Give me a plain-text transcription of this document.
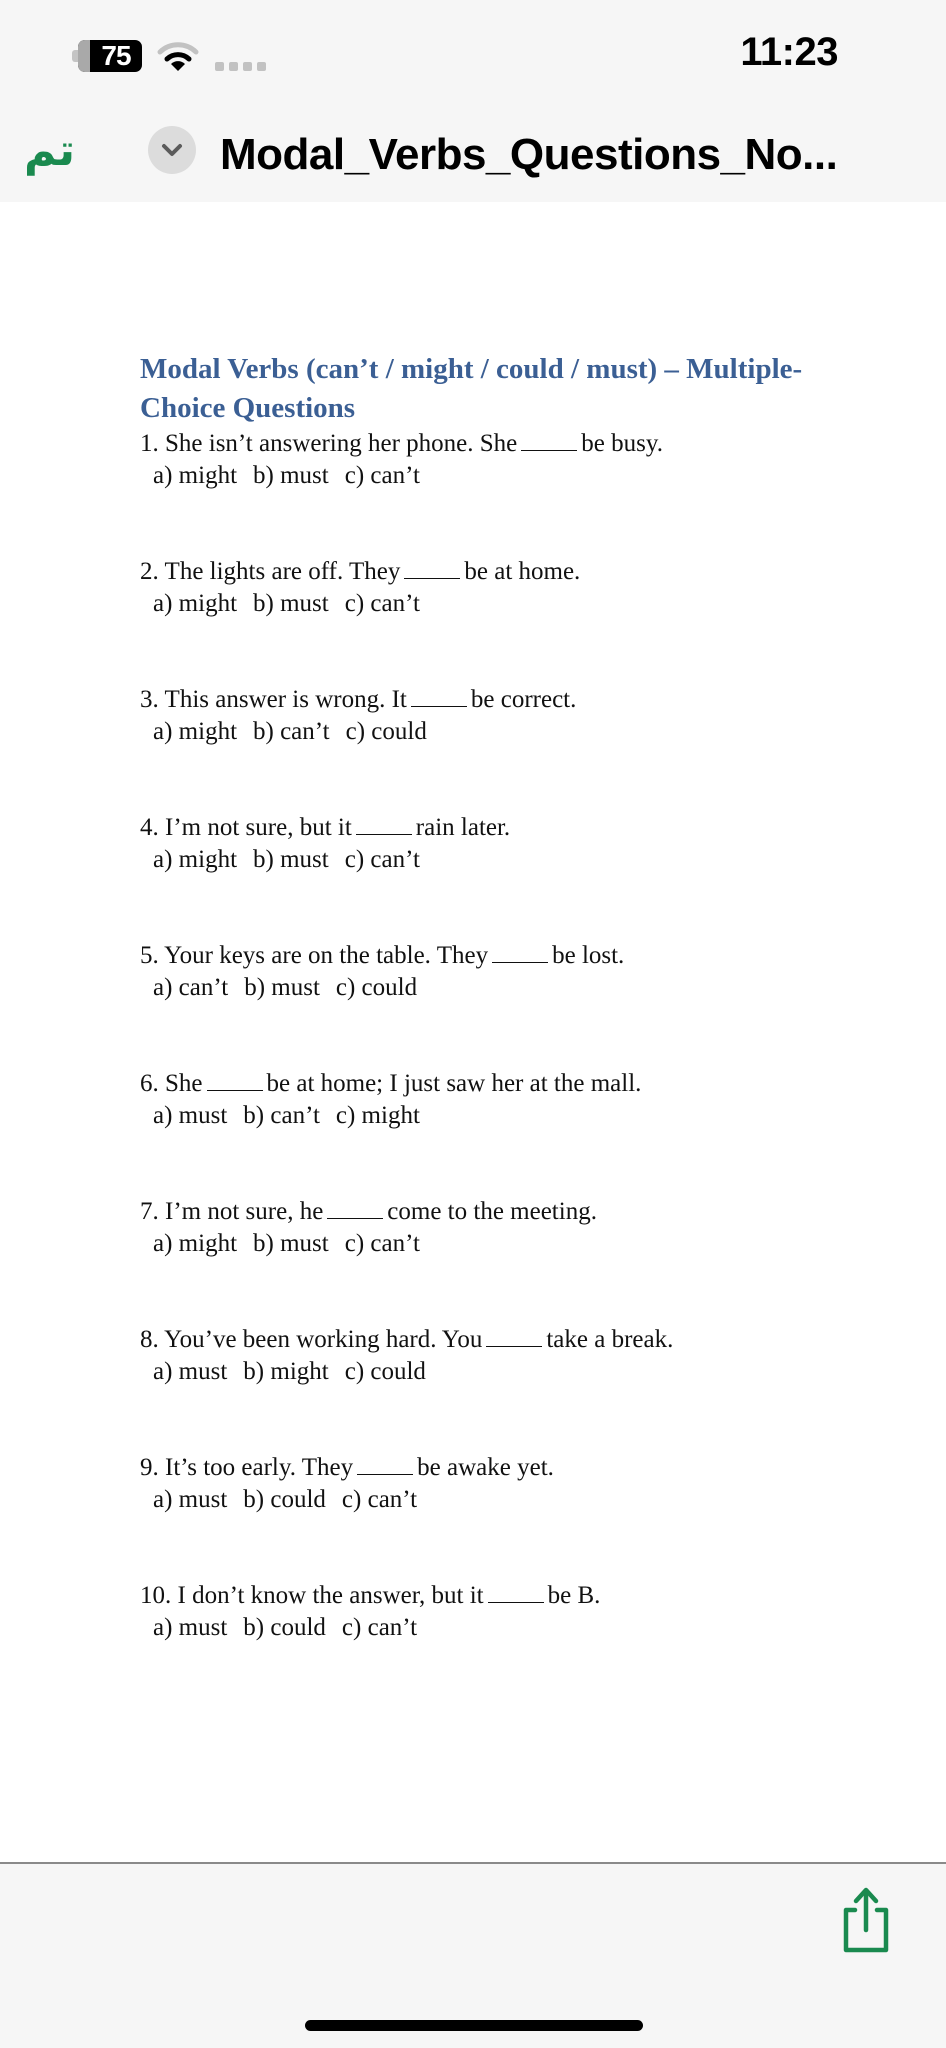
75	11:23
تم	Modal_Verbs_Questions_No...
Modal Verbs (can’t / might / could / must) – Multiple-Choice Questions
1. She isn’t answering her phone. She	be busy.
a) might b) must c) can’t
2. The lights are off. They	be at home.
a) might b) must c) can’t
3. This answer is wrong. It	be correct.
a) might b) can’t c) could
4. I’m not sure, but it	rain later.
a) might b) must c) can’t
5. Your keys are on the table. They	be lost.
a) can’t b) must c) could
6. She	be at home; I just saw her at the mall.
a) must b) can’t c) might
7. I’m not sure, he	come to the meeting.
a) might b) must c) can’t
8. You’ve been working hard. You	take a break.
a) must b) might c) could
9. It’s too early. They	be awake yet.
a) must b) could c) can’t
10. I don’t know the answer, but it	be B.
a) must b) could c) can’t
